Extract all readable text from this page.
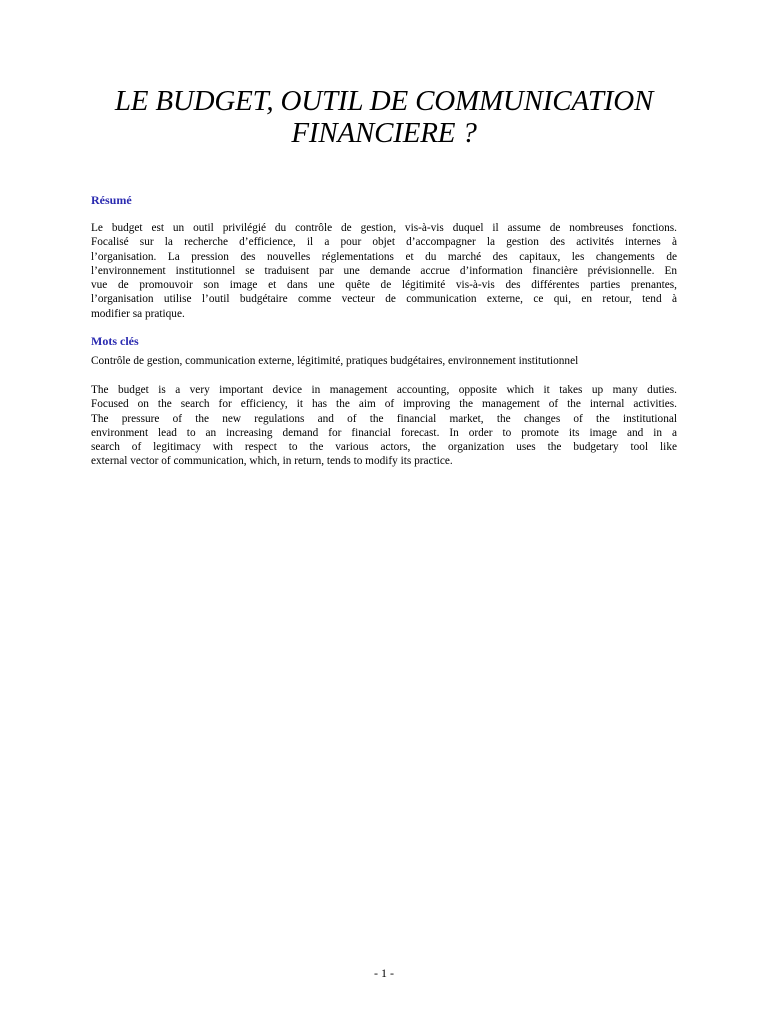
LE BUDGET, OUTIL DE COMMUNICATION
FINANCIERE ?
Résumé

Le budget est un outil privilégié du contrôle de gestion, vis-à-vis duquel il assume de nombreuses fonctions.
Focalisé sur la recherche d’efficience, il a pour objet d’accompagner la gestion des activités internes à
l’organisation. La pression des nouvelles réglementations et du marché des capitaux, les changements de
l’environnement institutionnel se traduisent par une demande accrue d’information financière prévisionnelle. En
vue de promouvoir son image et dans une quête de légitimité vis-à-vis des différentes parties prenantes,
l’organisation utilise l’outil budgétaire comme vecteur de communication externe, ce qui, en retour, tend à
modifier sa pratique.

Mots clés

Contrôle de gestion, communication externe, légitimité, pratiques budgétaires, environnement institutionnel

The budget is a very important device in management accounting, opposite which it takes up many duties.
Focused on the search for efficiency, it has the aim of improving the management of the internal activities.
The pressure of the new regulations and of the financial market, the changes of the institutional
environment lead to an increasing demand for financial forecast. In order to promote its image and in a
search of legitimacy with respect to the various actors, the organization uses the budgetary tool like
external vector of communication, which, in return, tends to modify its practice.

- 1 -
